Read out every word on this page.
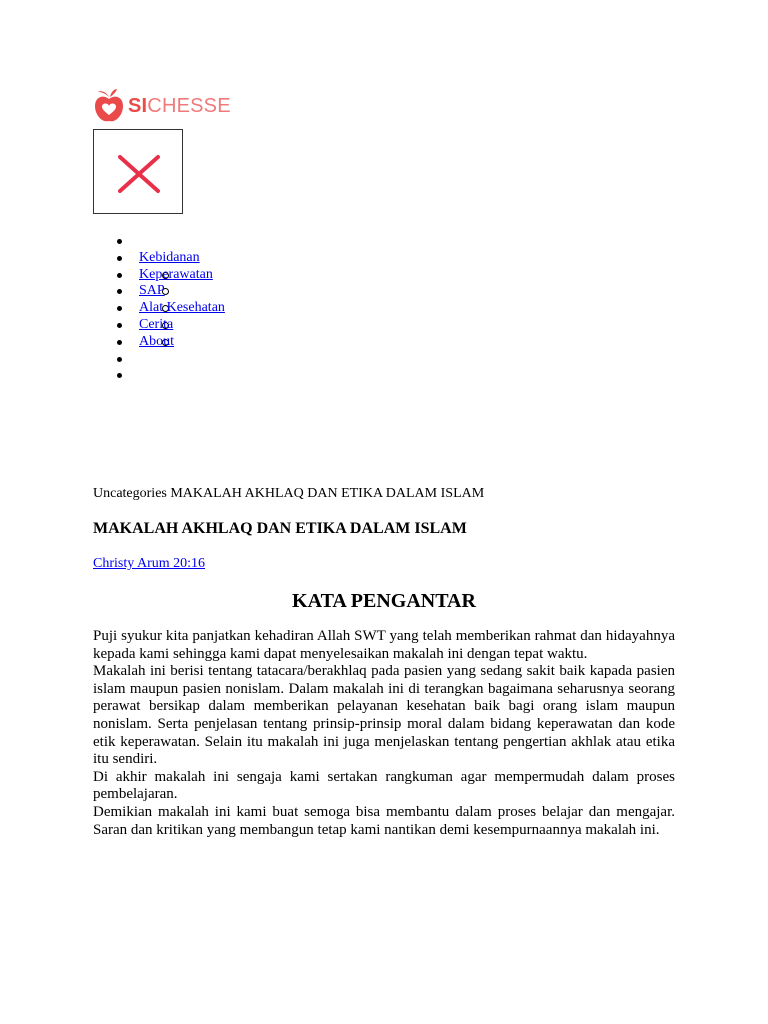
SICHESSE
Kebidanan
Keperawatan
SAP
Alat Kesehatan
Cerita
About
Uncategories MAKALAH AKHLAQ DAN ETIKA DALAM ISLAM
MAKALAH AKHLAQ DAN ETIKA DALAM ISLAM
Christy Arum 20:16
KATA PENGANTAR

Puji syukur kita panjatkan kehadiran Allah SWT yang telah memberikan rahmat dan hidayahnya kepada kami sehingga kami dapat menyelesaikan makalah ini dengan tepat waktu.

Makalah ini berisi tentang tatacara/berakhlaq pada pasien yang sedang sakit baik kapada pasien islam maupun pasien nonislam. Dalam makalah ini di terangkan bagaimana seharusnya seorang perawat bersikap dalam memberikan pelayanan kesehatan baik bagi orang islam maupun nonislam. Serta penjelasan tentang prinsip-prinsip moral dalam bidang keperawatan dan kode etik keperawatan. Selain itu makalah ini juga menjelaskan tentang pengertian akhlak atau etika itu sendiri.

Di akhir makalah ini sengaja kami sertakan rangkuman agar mempermudah dalam proses pembelajaran.

Demikian makalah ini kami buat semoga bisa membantu dalam proses belajar dan mengajar. Saran dan kritikan yang membangun tetap kami nantikan demi kesempurnaannya makalah ini.
